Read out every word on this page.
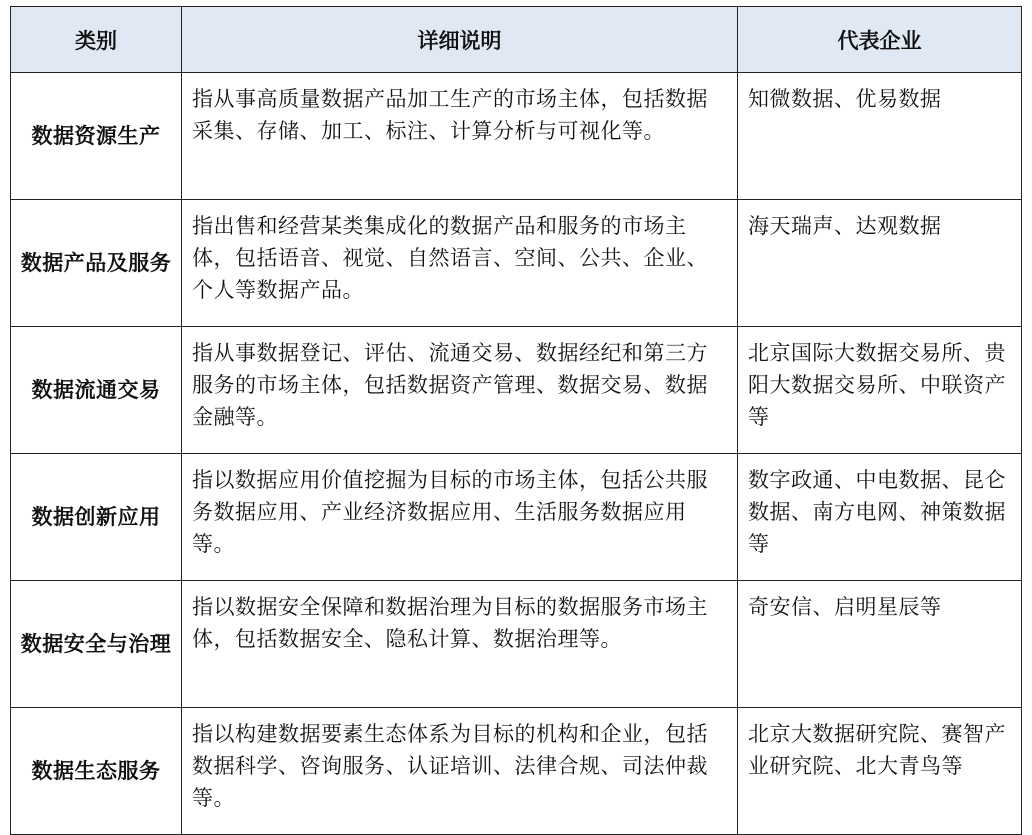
类别	详细说明	代表企业
数据资源生产	指从事高质量数据产品加工生产的市场主体，包括数据采集、存储、加工、标注、计算分析与可视化等。	知微数据、优易数据
数据产品及服务	指出售和经营某类集成化的数据产品和服务的市场主体，包括语音、视觉、自然语言、空间、公共、企业、个人等数据产品。	海天瑞声、达观数据
数据流通交易	指从事数据登记、评估、流通交易、数据经纪和第三方服务的市场主体，包括数据资产管理、数据交易、数据金融等。	北京国际大数据交易所、贵阳大数据交易所、中联资产等
数据创新应用	指以数据应用价值挖掘为目标的市场主体，包括公共服务数据应用、产业经济数据应用、生活服务数据应用等。	数字政通、中电数据、昆仑数据、南方电网、神策数据等
数据安全与治理	指以数据安全保障和数据治理为目标的数据服务市场主体，包括数据安全、隐私计算、数据治理等。	奇安信、启明星辰等
数据生态服务	指以构建数据要素生态体系为目标的机构和企业，包括数据科学、咨询服务、认证培训、法律合规、司法仲裁等。	北京大数据研究院、赛智产业研究院、北大青鸟等
